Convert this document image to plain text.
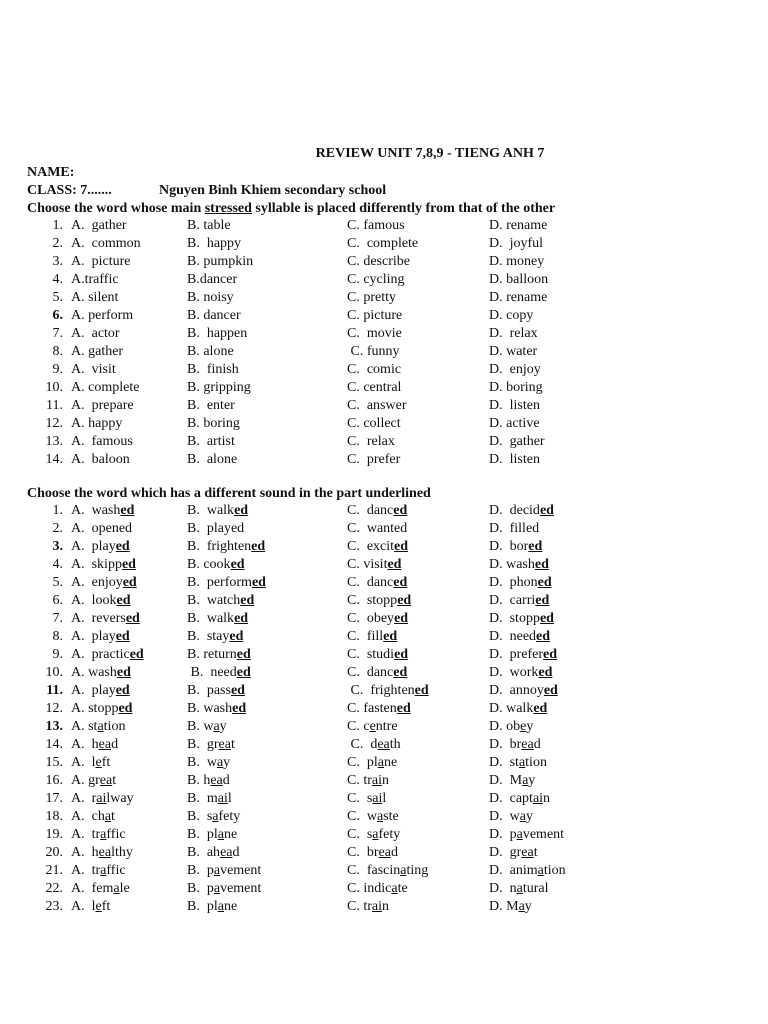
REVIEW UNIT 7,8,9 - TIENG ANH 7
NAME:
CLASS: 7.......	Nguyen Binh Khiem secondary school
Choose the word whose main stressed syllable is placed differently from that of the other
1. A.  gather	B. table	C. famous	D. rename
2. A.  common	B.  happy	C.  complete	D.  joyful
3. A.  picture	B. pumpkin	C. describe	D. money
4. A.traffic	B.dancer	C. cycling	D. balloon
5. A. silent	B. noisy	C. pretty	D. rename
6. A. perform	B. dancer	C. picture	D. copy
7. A.  actor	B.  happen	C.  movie	D.  relax
8. A. gather	B. alone	C. funny	D. water
9. A.  visit	B.  finish	C.  comic	D.  enjoy
10. A. complete	B. gripping	C. central	D. boring
11. A.  prepare	B.  enter	C.  answer	D.  listen
12. A. happy	B. boring	C. collect	D. active
13. A.  famous	B.  artist	C.  relax	D.  gather
14. A.  baloon	B.  alone	C.  prefer	D.  listen
Choose the word which has a different sound in the part underlined
1. A.  washed	B.  walked	C.  danced	D.  decided
2. A.  opened	B.  played	C.  wanted	D.  filled
3. A.  played	B.  frightened	C.  excited	D.  bored
4. A.  skipped	B. cooked	C. visited	D. washed
5. A.  enjoyed	B.  performed	C.  danced	D.  phoned
6. A.  looked	B.  watched	C.  stopped	D.  carried
7. A.  reversed	B.  walked	C.  obeyed	D.  stopped
8. A.  played	B.  stayed	C.  filled	D.  needed
9. A.  practiced	B. returned	C.  studied	D.  prefered
10. A. washed	B.  needed	C.  danced	D.  worked
11. A.  played	B.  passed	C.  frightened	D.  annoyed
12. A. stopped	B. washed	C. fastened	D. walked
13. A. station	B. way	C. centre	D. obey
14. A.  head	B.  great	C.  death	D.  bread
15. A.  left	B.  way	C.  plane	D.  station
16. A. great	B. head	C. train	D.  May
17. A.  railway	B.  mail	C.  sail	D.  captain
18. A.  chat	B.  safety	C.  waste	D.  way
19. A.  traffic	B.  plane	C.  safety	D.  pavement
20. A.  healthy	B.  ahead	C.  bread	D.  great
21. A.  traffic	B.  pavement	C.  fascinating	D.  animation
22. A.  female	B.  pavement	C. indicate	D.  natural
23. A.  left	B.  plane	C. train	D. May
